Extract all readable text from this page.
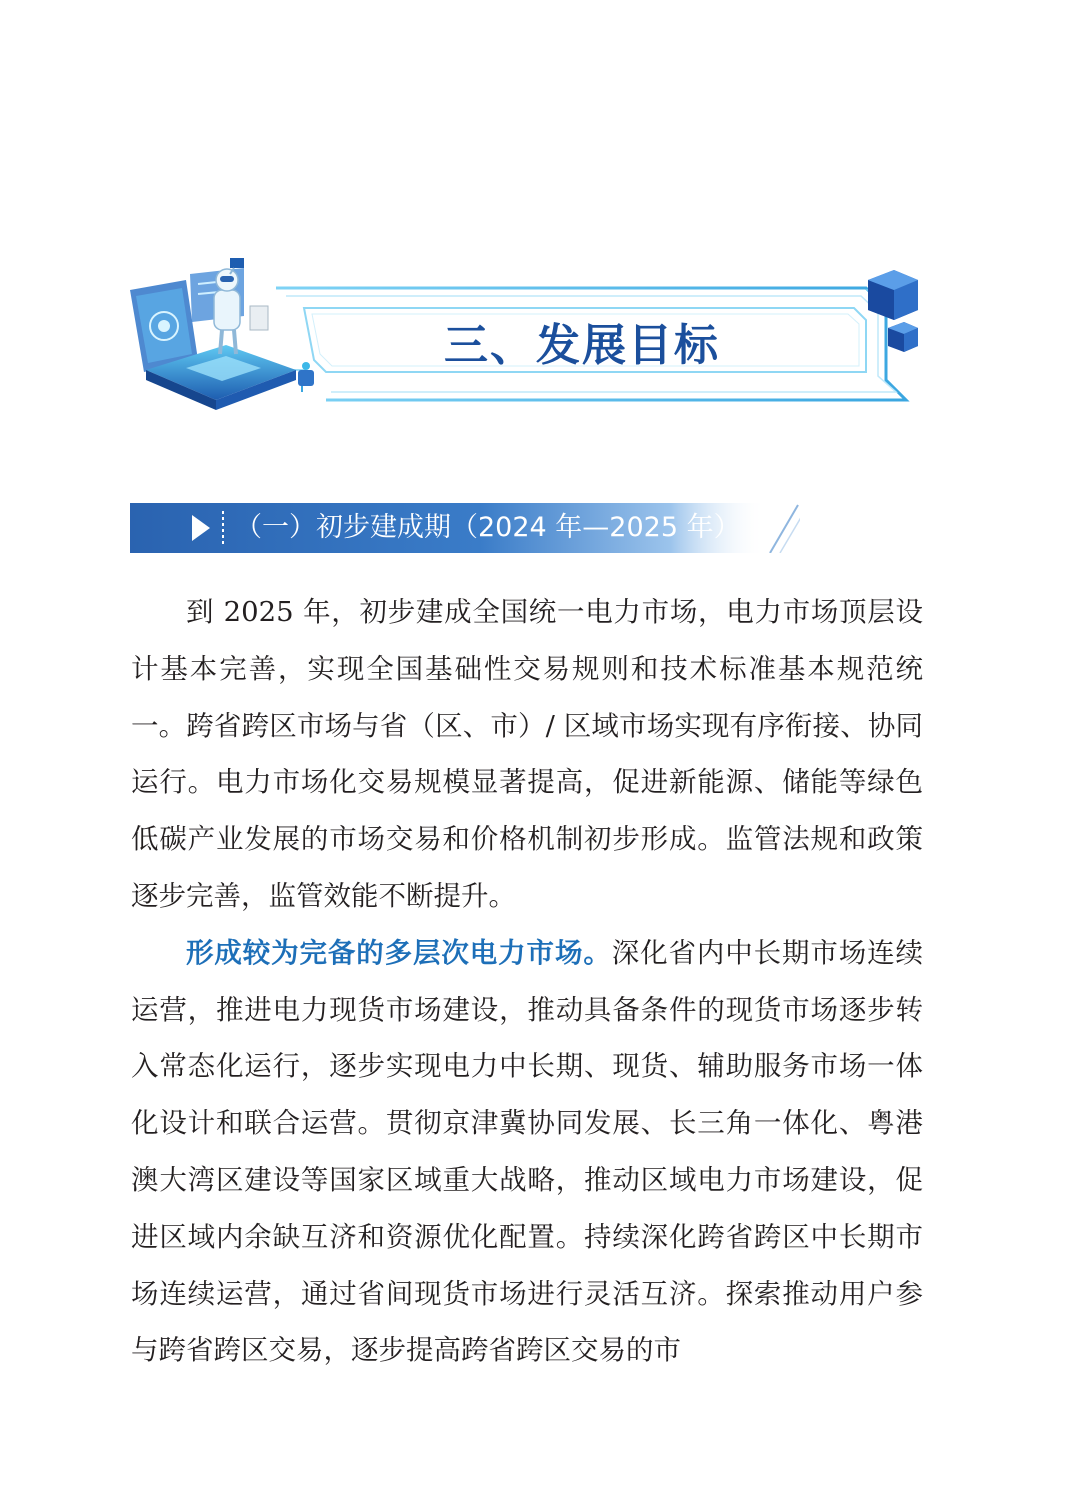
三、发展目标
（一）初步建成期（2024 年—2025 年）

到 2025 年，初步建成全国统一电力市场，电力市场顶层设计基本完善，实现全国基础性交易规则和技术标准基本规范统一。跨省跨区市场与省（区、市）/ 区域市场实现有序衔接、协同运行。电力市场化交易规模显著提高，促进新能源、储能等绿色低碳产业发展的市场交易和价格机制初步形成。监管法规和政策逐步完善，监管效能不断提升。

形成较为完备的多层次电力市场。深化省内中长期市场连续运营，推进电力现货市场建设，推动具备条件的现货市场逐步转入常态化运行，逐步实现电力中长期、现货、辅助服务市场一体化设计和联合运营。贯彻京津冀协同发展、长三角一体化、粤港澳大湾区建设等国家区域重大战略，推动区域电力市场建设，促进区域内余缺互济和资源优化配置。持续深化跨省跨区中长期市场连续运营，通过省间现货市场进行灵活互济。探索推动用户参与跨省跨区交易，逐步提高跨省跨区交易的市
